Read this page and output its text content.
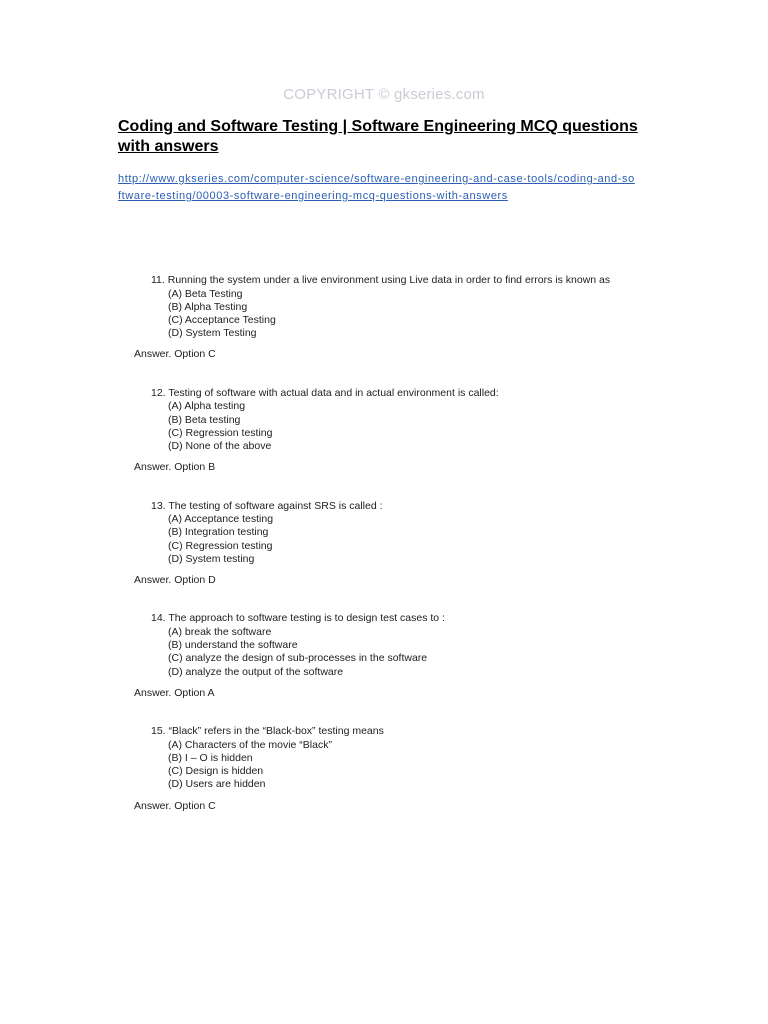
COPYRIGHT © gkseries.com
Coding and Software Testing | Software Engineering MCQ questions with answers
http://www.gkseries.com/computer-science/software-engineering-and-case-tools/coding-and-software-testing/00003-software-engineering-mcq-questions-with-answers
11. Running the system under a live environment using Live data in order to find errors is known as
(A) Beta Testing
(B) Alpha Testing
(C) Acceptance Testing
(D) System Testing
Answer. Option C
12. Testing of software with actual data and in actual environment is called:
(A) Alpha testing
(B) Beta testing
(C) Regression testing
(D) None of the above
Answer. Option B
13. The testing of software against SRS is called :
(A) Acceptance testing
(B) Integration testing
(C) Regression testing
(D) System testing
Answer. Option D
14. The approach to software testing is to design test cases to :
(A) break the software
(B) understand the software
(C) analyze the design of sub-processes in the software
(D) analyze the output of the software
Answer. Option A
15. “Black” refers in the “Black-box” testing means
(A) Characters of the movie “Black”
(B) I – O is hidden
(C) Design is hidden
(D) Users are hidden
Answer. Option C
